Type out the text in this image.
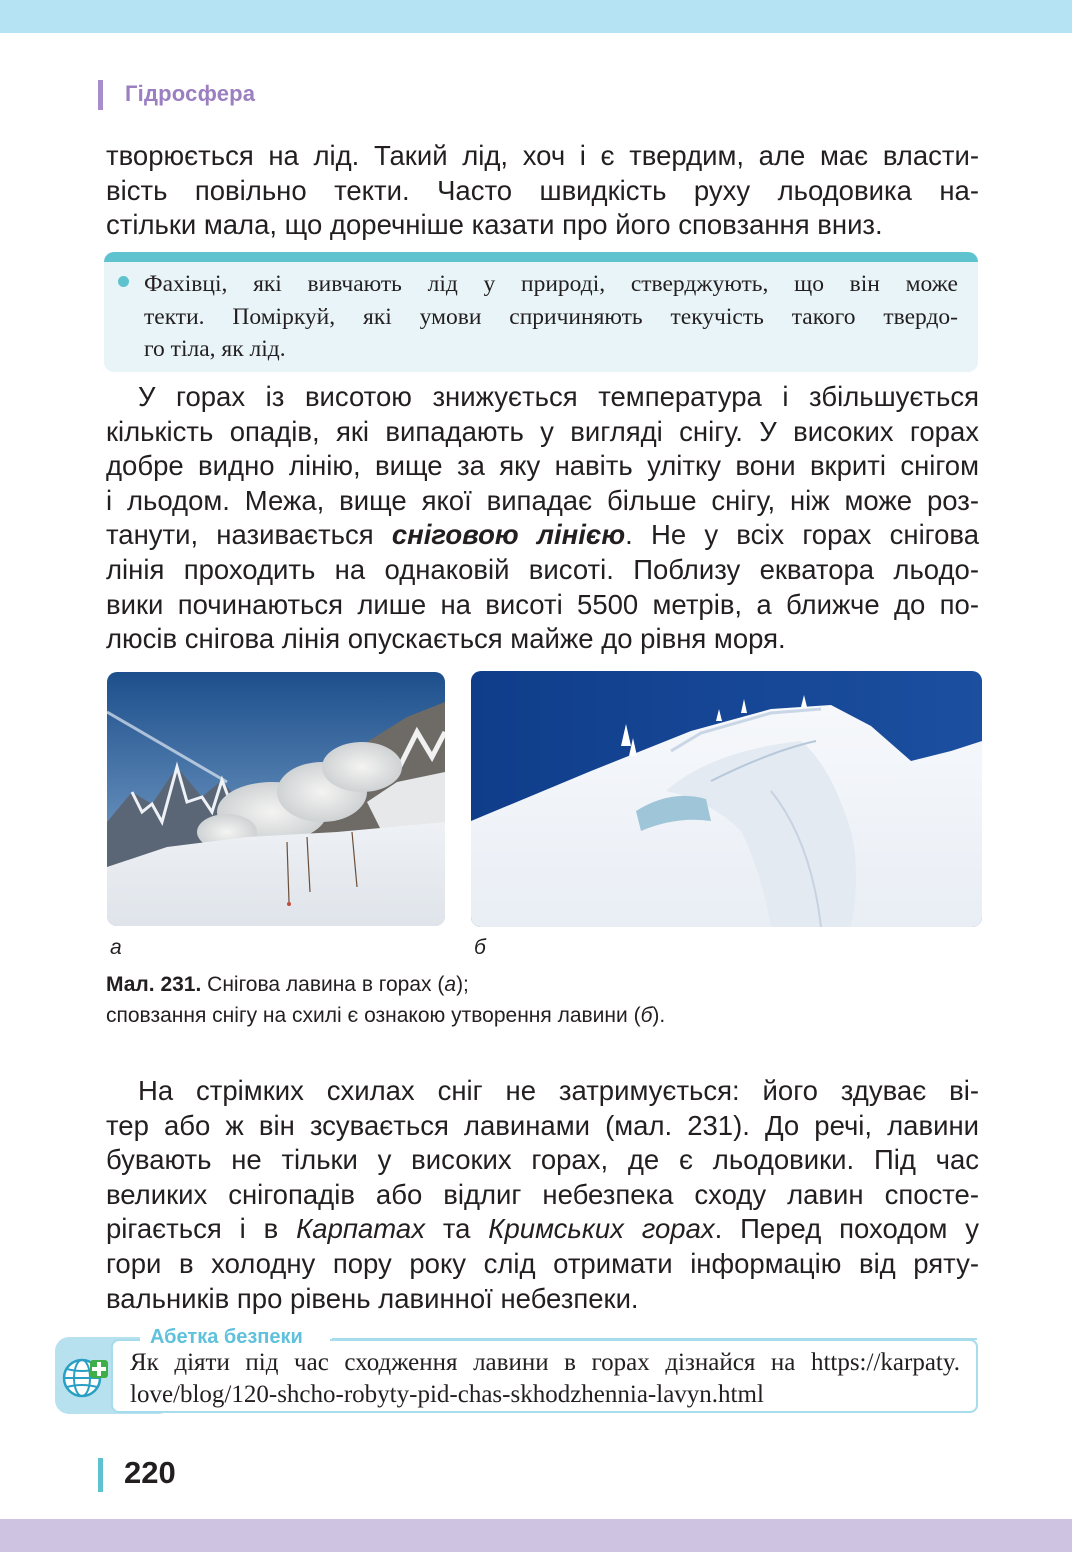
Гідросфера
творюється на лід. Такий лід, хоч і є твердим, але має власти-
вість повільно текти. Часто швидкість руху льодовика на-
стільки мала, що доречніше казати про його сповзання вниз.
Фахівці, які вивчають лід у природі, стверджують, що він може
текти. Поміркуй, які умови спричиняють текучість такого твердо-
го тіла, як лід.
У горах із висотою знижується температура і збільшується
кількість опадів, які випадають у вигляді снігу. У високих горах
добре видно лінію, вище за яку навіть улітку вони вкриті снігом
і льодом. Межа, вище якої випадає більше снігу, ніж може роз-
танути, називається сніговою лінією. Не у всіх горах снігова
лінія проходить на однаковій висоті. Поблизу екватора льодо-
вики починаються лише на висоті 5500 метрів, а ближче до по-
люсів снігова лінія опускається майже до рівня моря.
а	б
Мал. 231. Снігова лавина в горах (а);
сповзання снігу на схилі є ознакою утворення лавини (б).
На стрімких схилах сніг не затримується: його здуває ві-
тер або ж він зсувається лавинами (мал. 231). До речі, лавини
бувають не тільки у високих горах, де є льодовики. Під час
великих снігопадів або відлиг небезпека сходу лавин спосте-
рігається і в Карпатах та Кримських горах. Перед походом у
гори в холодну пору року слід отримати інформацію від ряту-
вальників про рівень лавинної небезпеки.
Абетка безпеки
Як діяти під час сходження лавини в горах дізнайся на https://karpaty.
love/blog/120-shcho-robyty-pid-chas-skhodzhennia-lavyn.html
220
